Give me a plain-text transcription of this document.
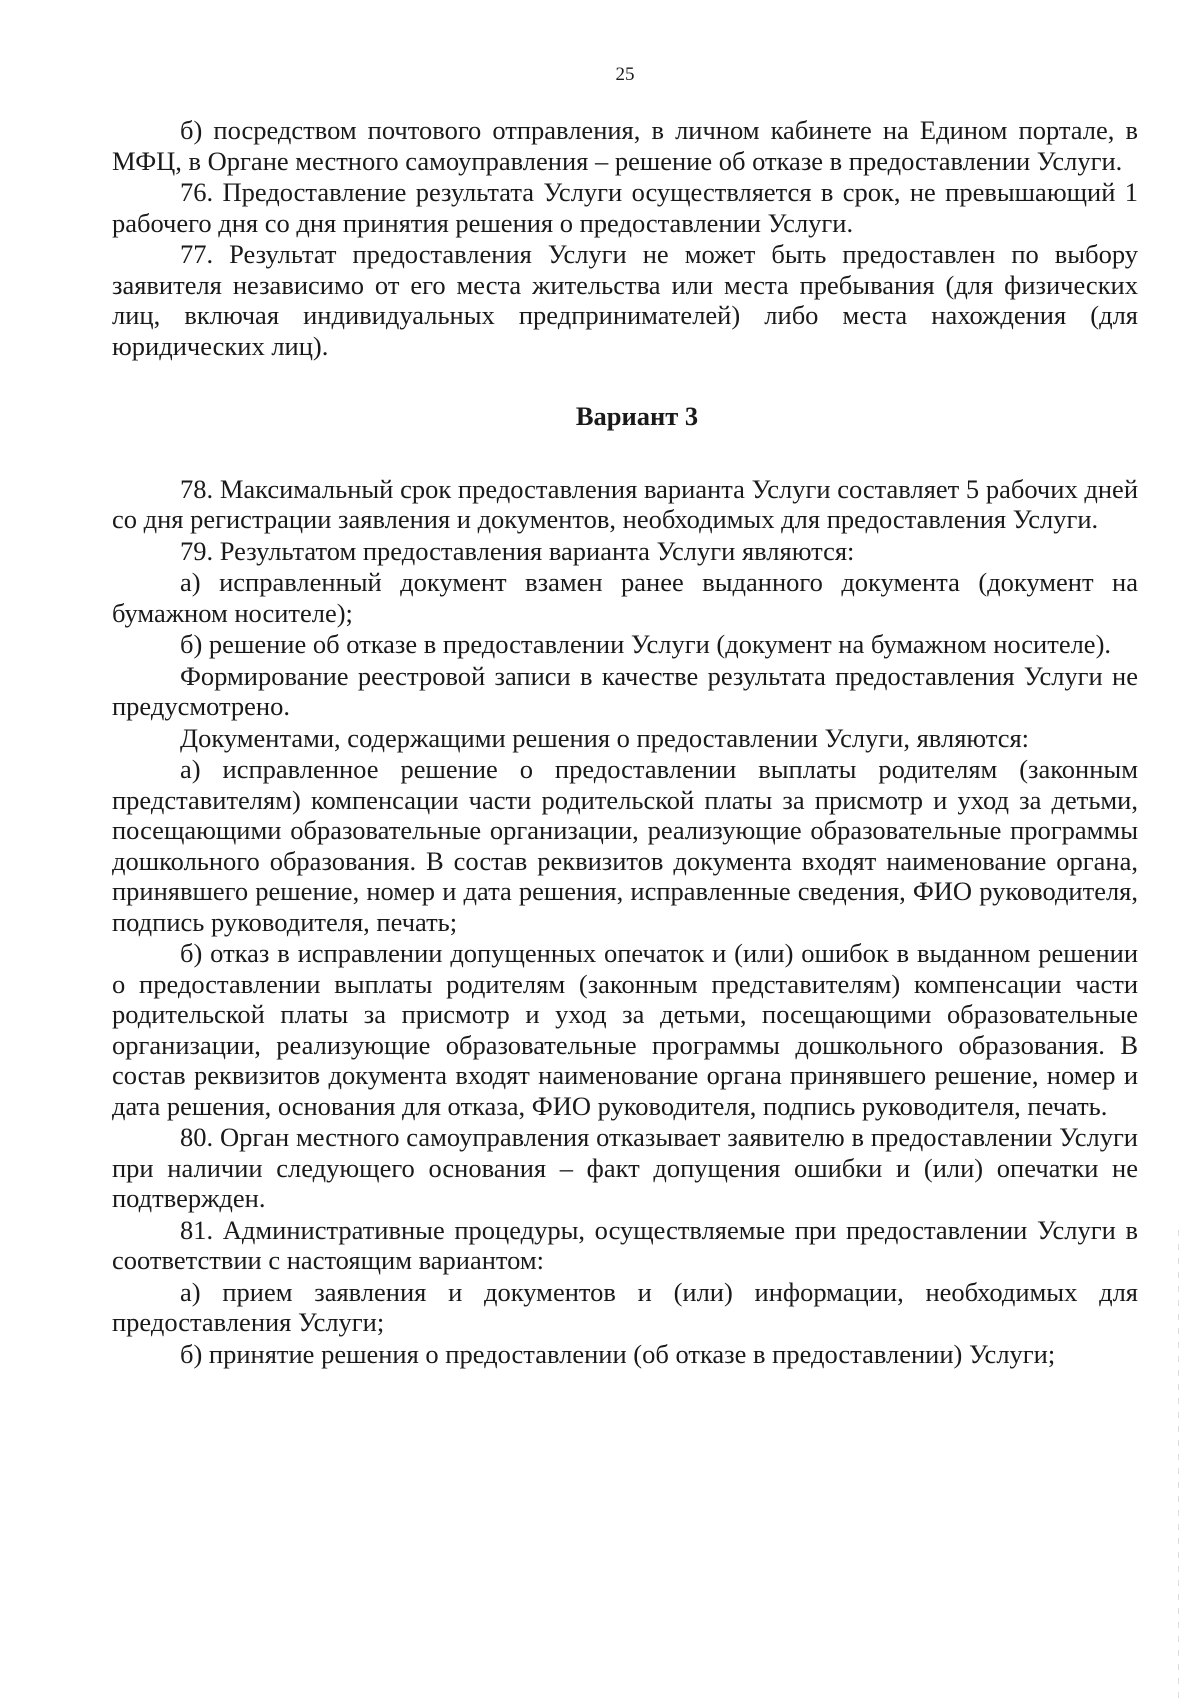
25

б) посредством почтового отправления, в личном кабинете на Едином портале, в МФЦ, в Органе местного самоуправления – решение об отказе в предоставлении Услуги.

76. Предоставление результата Услуги осуществляется в срок, не превышающий 1 рабочего дня со дня принятия решения о предоставлении Услуги.

77. Результат предоставления Услуги не может быть предоставлен по выбору заявителя независимо от его места жительства или места пребывания (для физических лиц, включая индивидуальных предпринимателей) либо места нахождения (для юридических лиц).

Вариант 3

78. Максимальный срок предоставления варианта Услуги составляет 5 рабочих дней со дня регистрации заявления и документов, необходимых для предоставления Услуги.

79. Результатом предоставления варианта Услуги являются:

а) исправленный документ взамен ранее выданного документа (документ на бумажном носителе);

б) решение об отказе в предоставлении Услуги (документ на бумажном носителе).

Формирование реестровой записи в качестве результата предоставления Услуги не предусмотрено.

Документами, содержащими решения о предоставлении Услуги, являются:

а) исправленное решение о предоставлении выплаты родителям (законным представителям) компенсации части родительской платы за присмотр и уход за детьми, посещающими образовательные организации, реализующие образовательные программы дошкольного образования. В состав реквизитов документа входят наименование органа, принявшего решение, номер и дата решения, исправленные сведения, ФИО руководителя, подпись руководителя, печать;

б) отказ в исправлении допущенных опечаток и (или) ошибок в выданном решении о предоставлении выплаты родителям (законным представителям) компенсации части родительской платы за присмотр и уход за детьми, посещающими образовательные организации, реализующие образовательные программы дошкольного образования. В состав реквизитов документа входят наименование органа принявшего решение, номер и дата решения, основания для отказа, ФИО руководителя, подпись руководителя, печать.

80. Орган местного самоуправления отказывает заявителю в предоставлении Услуги при наличии следующего основания – факт допущения ошибки и (или) опечатки не подтвержден.

81. Административные процедуры, осуществляемые при предоставлении Услуги в соответствии с настоящим вариантом:

а) прием заявления и документов и (или) информации, необходимых для предоставления Услуги;

б) принятие решения о предоставлении (об отказе в предоставлении) Услуги;
